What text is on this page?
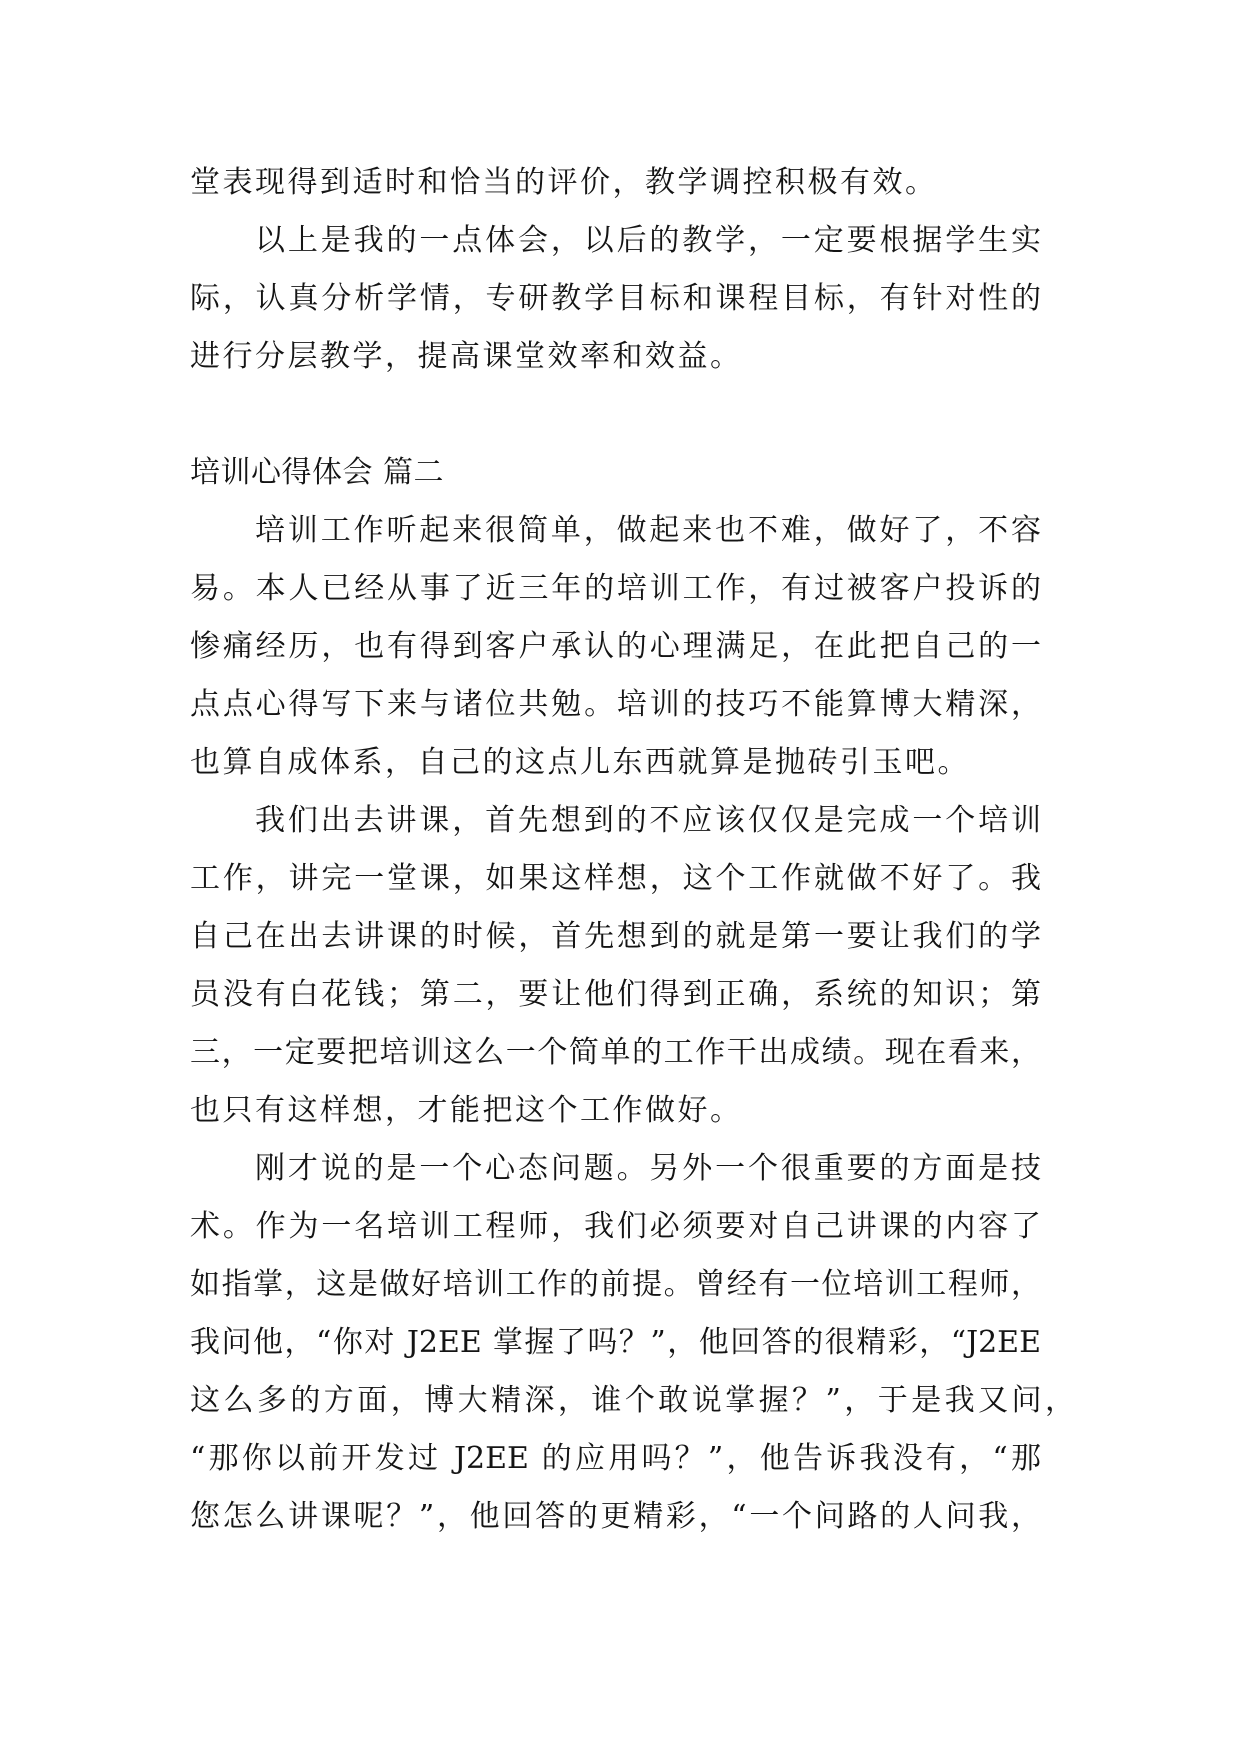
堂表现得到适时和恰当的评价，教学调控积极有效。
以上是我的一点体会，以后的教学，一定要根据学生实
际，认真分析学情，专研教学目标和课程目标，有针对性的
进行分层教学，提高课堂效率和效益。
培训心得体会 篇二
培训工作听起来很简单，做起来也不难，做好了，不容
易。本人已经从事了近三年的培训工作，有过被客户投诉的
惨痛经历，也有得到客户承认的心理满足，在此把自己的一
点点心得写下来与诸位共勉。培训的技巧不能算博大精深，
也算自成体系，自己的这点儿东西就算是抛砖引玉吧。
我们出去讲课，首先想到的不应该仅仅是完成一个培训
工作，讲完一堂课，如果这样想，这个工作就做不好了。我
自己在出去讲课的时候，首先想到的就是第一要让我们的学
员没有白花钱；第二，要让他们得到正确，系统的知识；第
三，一定要把培训这么一个简单的工作干出成绩。现在看来，
也只有这样想，才能把这个工作做好。
刚才说的是一个心态问题。另外一个很重要的方面是技
术。作为一名培训工程师，我们必须要对自己讲课的内容了
如指掌，这是做好培训工作的前提。曾经有一位培训工程师，
我问他，“你对 J2EE 掌握了吗？”，他回答的很精彩，“J2EE
这么多的方面，博大精深，谁个敢说掌握？”，于是我又问，
“那你以前开发过 J2EE 的应用吗？”，他告诉我没有，“那
您怎么讲课呢？”，他回答的更精彩，“一个问路的人问我，
